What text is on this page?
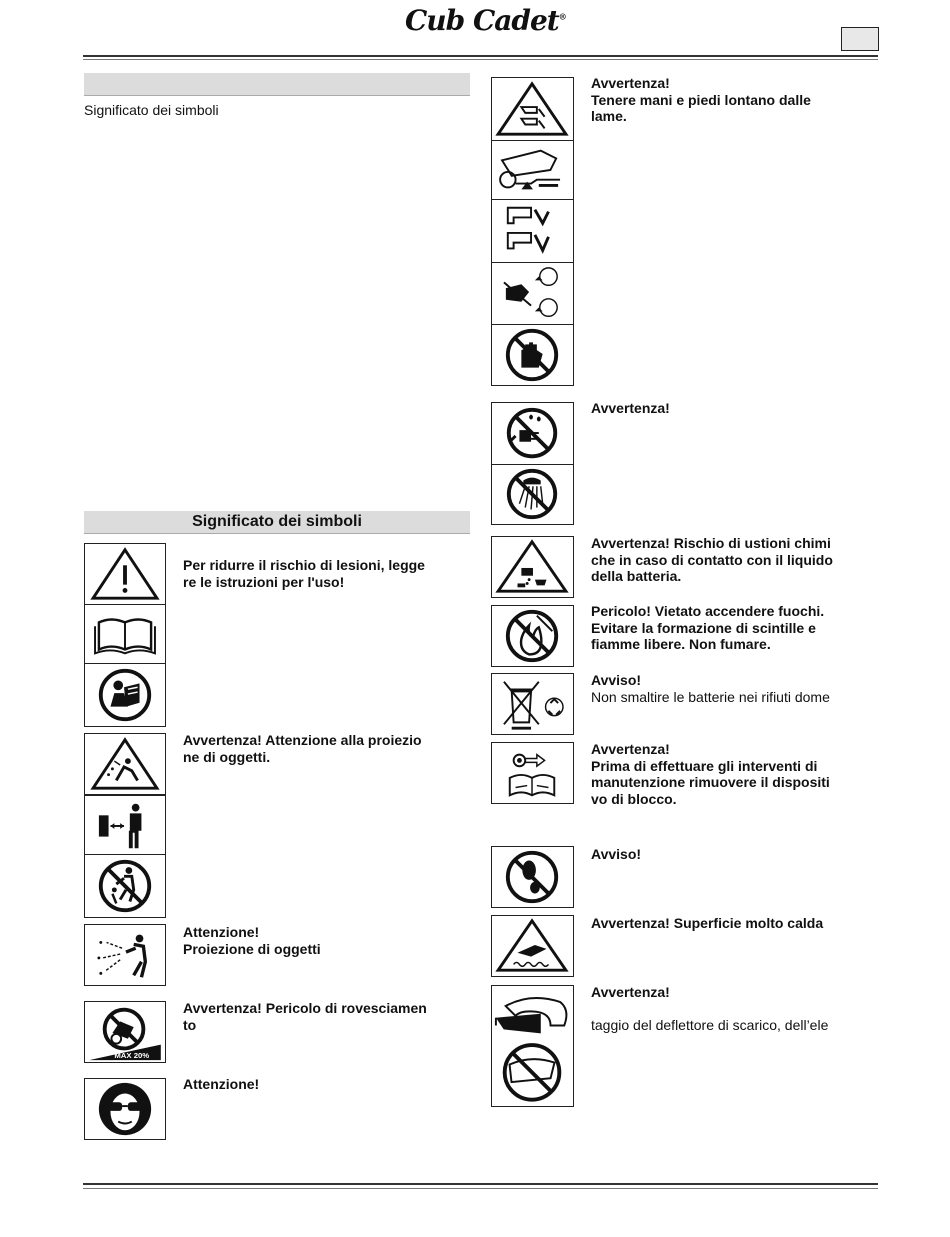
Cub Cadet®
Significato dei simboli
Significato dei simboli
MAX 20%
Per ridurre il rischio di lesioni, legge
re le istruzioni per l'uso!
Avvertenza! Attenzione alla proiezio
ne di oggetti.
Attenzione!
Proiezione di oggetti
Avvertenza! Pericolo di rovesciamen
to
Attenzione!
Avvertenza!
Tenere mani e piedi lontano dalle
lame.
Avvertenza!
Avvertenza! Rischio di ustioni chimi
che in caso di contatto con il liquido
della batteria.
Pericolo! Vietato accendere fuochi.
Evitare la formazione di scintille e
fiamme libere. Non fumare.
Avviso!
Non smaltire le batterie nei rifiuti dome
Avvertenza!
Prima di effettuare gli interventi di
manutenzione rimuovere il dispositi
vo di blocco.
Avviso!
Avvertenza! Superficie molto calda
Avvertenza!
taggio del deflettore di scarico, dell’ele
